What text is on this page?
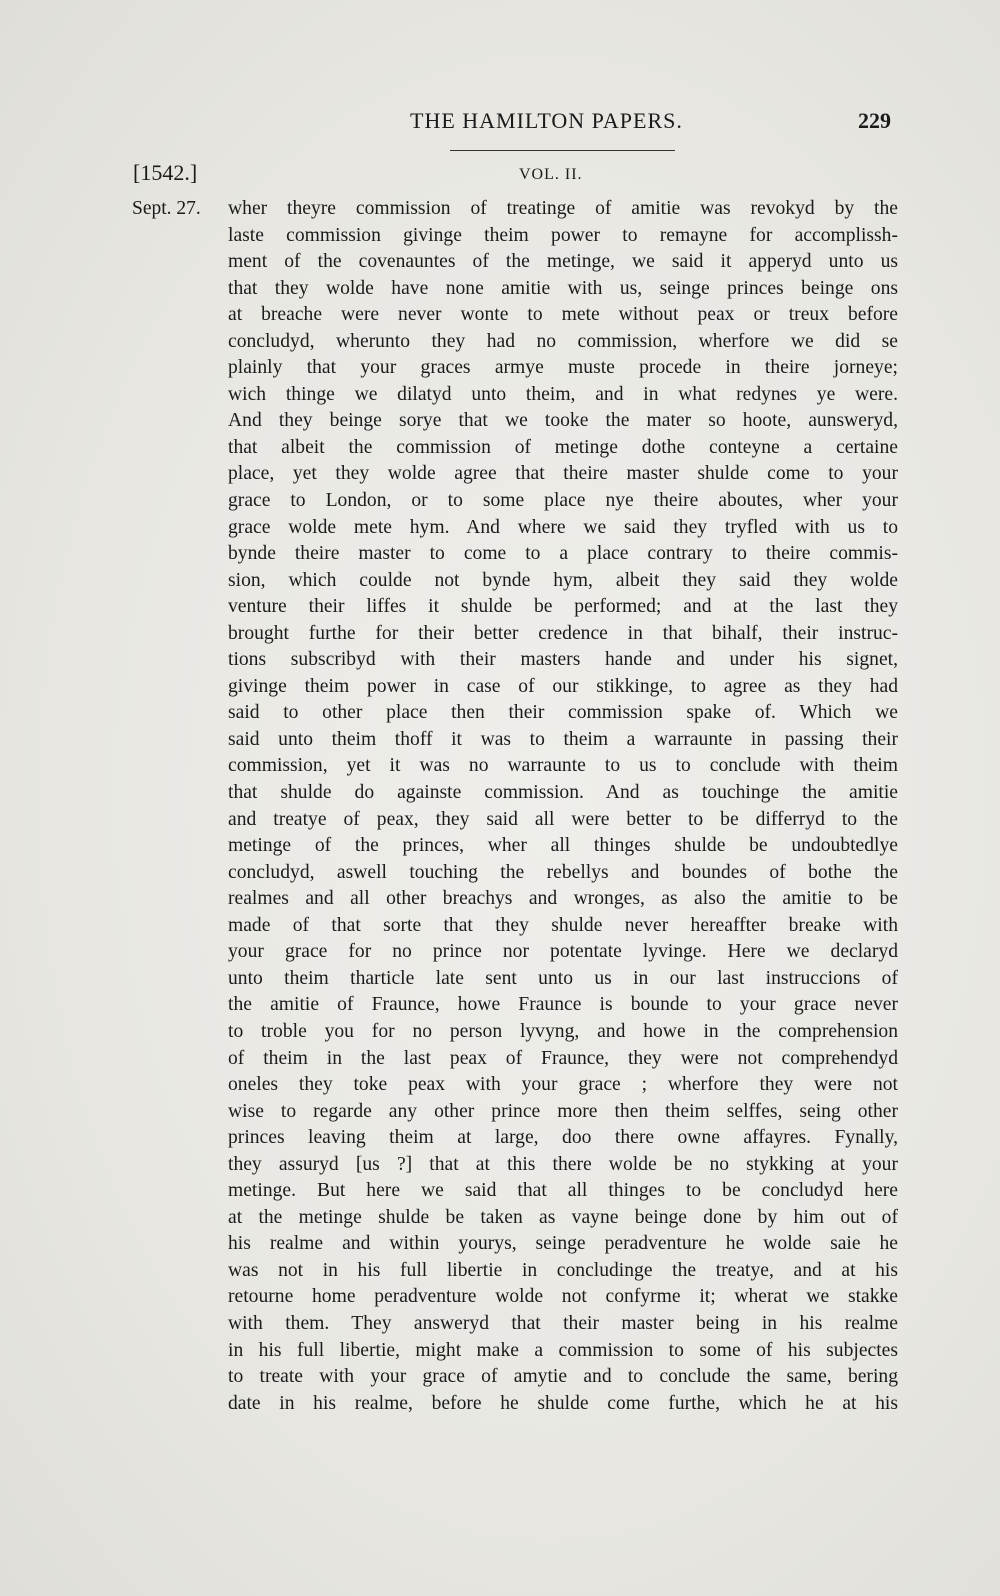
THE HAMILTON PAPERS.	229
[1542.]	VOL. II.
Sept. 27. wher theyre commission of treatinge of amitie was revokyd by the
laste commission givinge theim power to remayne for accomplissh-
ment of the covenauntes of the metinge, we said it apperyd unto us
that they wolde have none amitie with us, seinge princes beinge ons
at breache were never wonte to mete without peax or treux before
concludyd, wherunto they had no commission, wherfore we did se
plainly that your graces armye muste procede in theire jorneye;
wich thinge we dilatyd unto theim, and in what redynes ye were.
And they beinge sorye that we tooke the mater so hoote, aunsweryd,
that albeit the commission of metinge dothe conteyne a certaine
place, yet they wolde agree that theire master shulde come to your
grace to London, or to some place nye theire aboutes, wher your
grace wolde mete hym. And where we said they tryfled with us to
bynde theire master to come to a place contrary to theire commis-
sion, which coulde not bynde hym, albeit they said they wolde
venture their liffes it shulde be performed; and at the last they
brought furthe for their better credence in that bihalf, their instruc-
tions subscribyd with their masters hande and under his signet,
givinge theim power in case of our stikkinge, to agree as they had
said to other place then their commission spake of. Which we
said unto theim thoff it was to theim a warraunte in passing their
commission, yet it was no warraunte to us to conclude with theim
that shulde do againste commission. And as touchinge the amitie
and treatye of peax, they said all were better to be differryd to the
metinge of the princes, wher all thinges shulde be undoubtedlye
concludyd, aswell touching the rebellys and boundes of bothe the
realmes and all other breachys and wronges, as also the amitie to be
made of that sorte that they shulde never hereaffter breake with
your grace for no prince nor potentate lyvinge. Here we declaryd
unto theim tharticle late sent unto us in our last instruccions of
the amitie of Fraunce, howe Fraunce is bounde to your grace never
to troble you for no person lyvyng, and howe in the comprehension
of theim in the last peax of Fraunce, they were not comprehendyd
oneles they toke peax with your grace ; wherfore they were not
wise to regarde any other prince more then theim selffes, seing other
princes leaving theim at large, doo there owne affayres. Fynally,
they assuryd [us ?] that at this there wolde be no stykking at your
metinge. But here we said that all thinges to be concludyd here
at the metinge shulde be taken as vayne beinge done by him out of
his realme and within yourys, seinge peradventure he wolde saie he
was not in his full libertie in concludinge the treatye, and at his
retourne home peradventure wolde not confyrme it; wherat we stakke
with them. They answeryd that their master being in his realme
in his full libertie, might make a commission to some of his subjectes
to treate with your grace of amytie and to conclude the same, bering
date in his realme, before he shulde come furthe, which he at his
